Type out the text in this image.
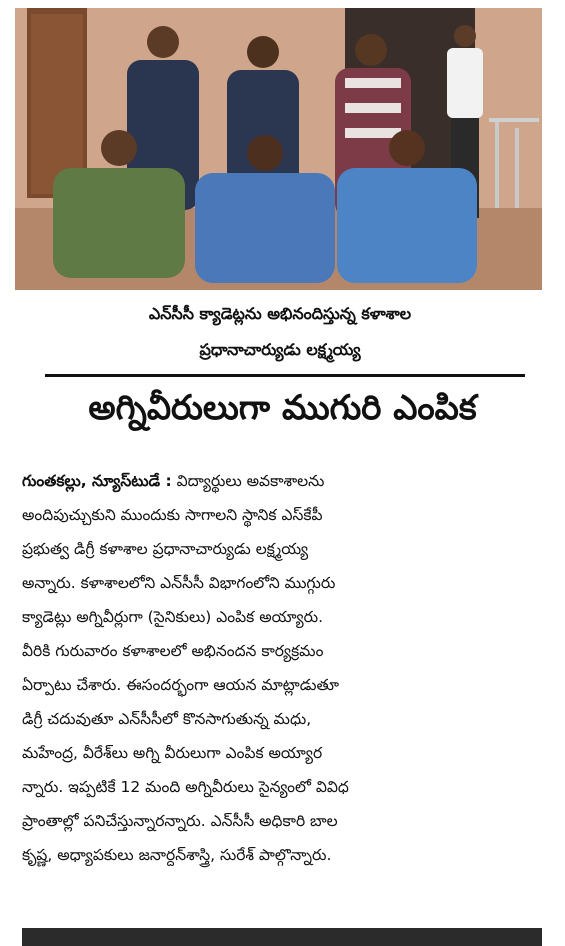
ఎన్‌సీసీ క్యాడెట్లను అభినందిస్తున్న కళాశాల
ప్రధానాచార్యుడు లక్ష్మయ్య
అగ్నివీరులుగా ముగురి ఎంపిక
గుంతకల్లు, న్యూస్‌టుడే : విద్యార్థులు అవకాశాలను
అందిపుచ్చుకుని ముందుకు సాగాలని స్థానిక ఎస్‌కేపీ
ప్రభుత్వ డిగ్రీ కళాశాల ప్రధానాచార్యుడు లక్ష్మయ్య
అన్నారు. కళాశాలలోని ఎన్‌సీసీ విభాగంలోని ముగ్గురు
క్యాడెట్లు అగ్నివీర్లుగా (సైనికులు) ఎంపిక అయ్యారు.
వీరికి గురువారం కళాశాలలో అభినందన కార్యక్రమం
ఏర్పాటు చేశారు. ఈసందర్భంగా ఆయన మాట్లాడుతూ
డిగ్రీ చదువుతూ ఎన్‌సీసీలో కొనసాగుతున్న మధు,
మహేంద్ర, వీరేశ్‌లు అగ్ని వీరులుగా ఎంపిక అయ్యార
న్నారు. ఇప్పటికే 12 మంది అగ్నివీరులు సైన్యంలో వివిధ
ప్రాంతాల్లో పనిచేస్తున్నారన్నారు. ఎన్‌సీసీ అధికారి బాల
కృష్ణ, అధ్యాపకులు జనార్దన్‌శాస్త్రి, సురేశ్ పాల్గొన్నారు.
